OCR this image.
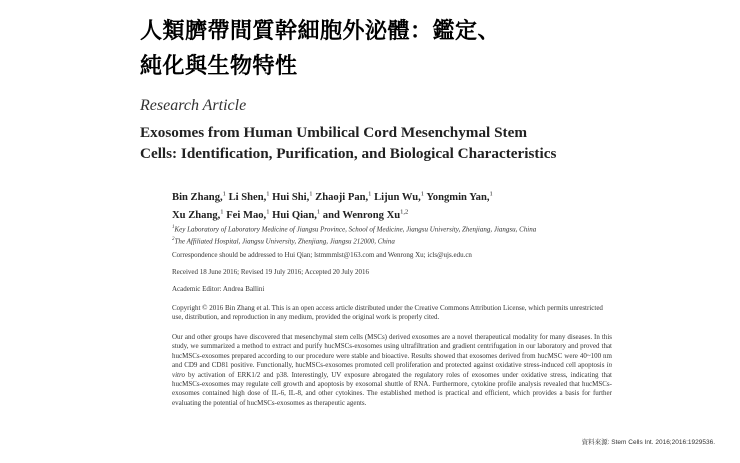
人類臍帶間質幹細胞外泌體：鑑定、
純化與生物特性
Research Article
Exosomes from Human Umbilical Cord Mesenchymal Stem
Cells: Identification, Purification, and Biological Characteristics
Bin Zhang,$^1$ Li Shen,$^1$ Hui Shi,$^1$ Zhaoji Pan,$^1$ Lijun Wu,$^1$ Yongmin Yan,$^1$
Xu Zhang,$^1$ Fei Mao,$^1$ Hui Qian,$^1$ and Wenrong Xu$^{1,2}$
$^1$Key Laboratory of Laboratory Medicine of Jiangsu Province, School of Medicine, Jiangsu University, Zhenjiang, Jiangsu, China
$^2$The Affiliated Hospital, Jiangsu University, Zhenjiang, Jiangsu 212000, China
Correspondence should be addressed to Hui Qian; lstmmmlst@163.com and Wenrong Xu; icls@ujs.edu.cn
Received 18 June 2016; Revised 19 July 2016; Accepted 20 July 2016
Academic Editor: Andrea Ballini
Copyright © 2016 Bin Zhang et al. This is an open access article distributed under the Creative Commons Attribution License, which permits unrestricted use, distribution, and reproduction in any medium, provided the original work is properly cited.
Our and other groups have discovered that mesenchymal stem cells (MSCs) derived exosomes are a novel therapeutical modality for many diseases. In this study, we summarized a method to extract and purify hucMSCs-exosomes using ultrafiltration and gradient centrifugation in our laboratory and proved that hucMSCs-exosomes prepared according to our procedure were stable and bioactive. Results showed that exosomes derived from hucMSC were 40~100 nm and CD9 and CD81 positive. Functionally, hucMSCs-exosomes promoted cell proliferation and protected against oxidative stress-induced cell apoptosis in vitro by activation of ERK1/2 and p38. Interestingly, UV exposure abrogated the regulatory roles of exosomes under oxidative stress, indicating that hucMSCs-exosomes may regulate cell growth and apoptosis by exosomal shuttle of RNA. Furthermore, cytokine profile analysis revealed that hucMSCs-exosomes contained high dose of IL-6, IL-8, and other cytokines. The established method is practical and efficient, which provides a basis for further evaluating the potential of hucMSCs-exosomes as therapeutic agents.
資料來源: Stem Cells Int. 2016;2016:1929536.
